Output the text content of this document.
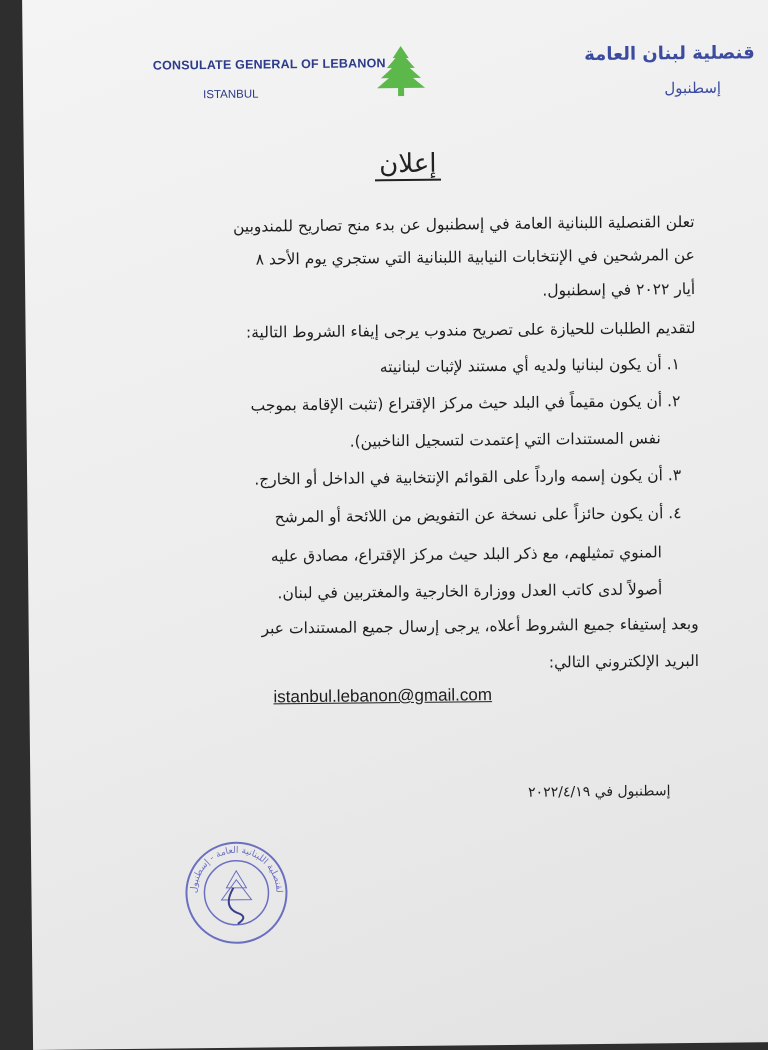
CONSULATE GENERAL OF LEBANON
ISTANBUL
قنصلية لبنان العامة
إسطنبول
إعلان
تعلن القنصلية اللبنانية العامة في إسطنبول عن بدء منح تصاريح للمندوبين
عن المرشحين في الإنتخابات النيابية اللبنانية التي ستجري يوم الأحد ٨
أيار ٢٠٢٢ في إسطنبول.
لتقديم الطلبات للحيازة على تصريح مندوب يرجى إيفاء الشروط التالية:
١. أن يكون لبنانيا ولديه أي مستند لإثبات لبنانيته
٢. أن يكون مقيماً في البلد حيث مركز الإقتراع (تثبت الإقامة بموجب
نفس المستندات التي إعتمدت لتسجيل الناخبين).
٣. أن يكون إسمه وارداً على القوائم الإنتخابية في الداخل أو الخارج.
٤. أن يكون حائزاً على نسخة عن التفويض من اللائحة أو المرشح
المنوي تمثيلهم، مع ذكر البلد حيث مركز الإقتراع، مصادق عليه
أصولاً لدى كاتب العدل ووزارة الخارجية والمغتربين في لبنان.
وبعد إستيفاء جميع الشروط أعلاه، يرجى إرسال جميع المستندات عبر
البريد الإلكتروني التالي:
istanbul.lebanon@gmail.com
إسطنبول في ٢٠٢٢/٤/١٩
القنصلية اللبنانية العامة - إسطنبول
